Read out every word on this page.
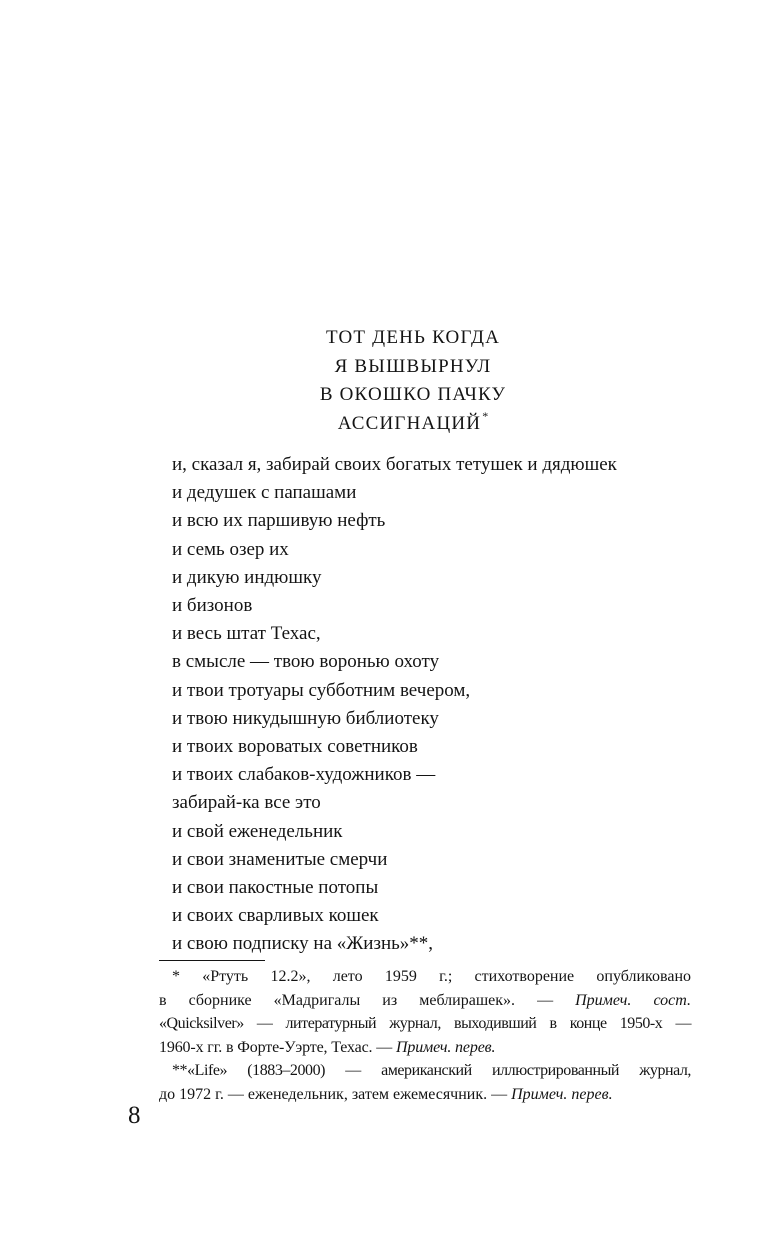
ТОТ ДЕНЬ КОГДА
Я ВЫШВЫРНУЛ
В ОКОШКО ПАЧКУ
АССИГНАЦИЙ*
и, сказал я, забирай своих богатых тетушек и дядюшек
и дедушек с папашами
и всю их паршивую нефть
и семь озер их
и дикую индюшку
и бизонов
и весь штат Техас,
в смысле — твою воронью охоту
и твои тротуары субботним вечером,
и твою никудышную библиотеку
и твоих вороватых советников
и твоих слабаков-художников —
забирай-ка все это
и свой еженедельник
и свои знаменитые смерчи
и свои пакостные потопы
и своих сварливых кошек
и свою подписку на «Жизнь»**,
* «Ртуть 12.2», лето 1959 г.; стихотворение опубликовано
в сборнике «Мадригалы из меблирашек». — Примеч. сост.
«Quicksilver» — литературный журнал, выходивший в конце 1950-х —
1960-х гг. в Форте-Уэрте, Техас. — Примеч. перев.
**«Life» (1883–2000) — американский иллюстрированный журнал,
до 1972 г. — еженедельник, затем ежемесячник. — Примеч. перев.
8
